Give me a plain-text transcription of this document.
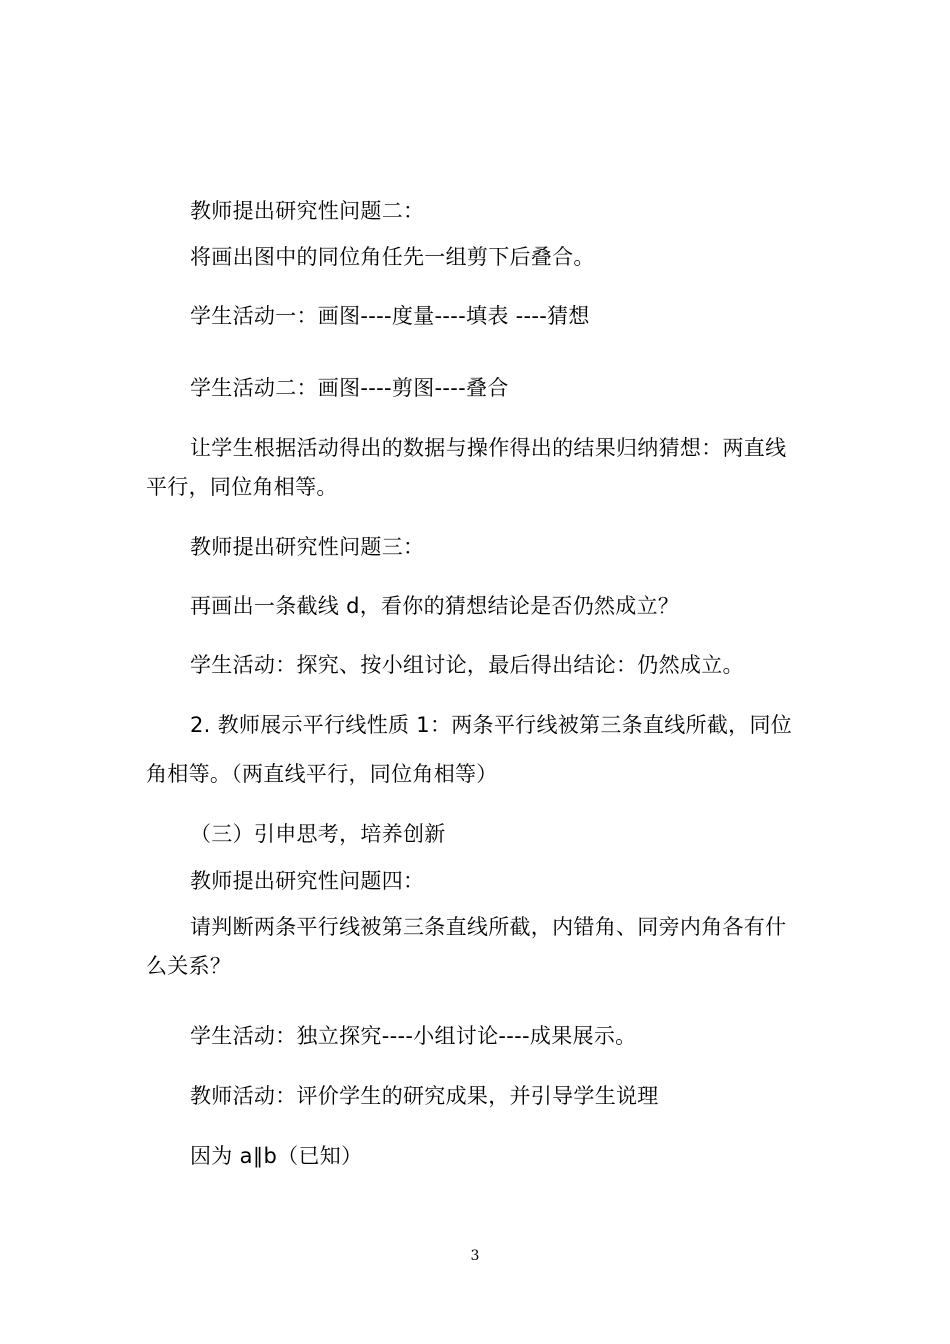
教师提出研究性问题二：
将画出图中的同位角任先一组剪下后叠合。
学生活动一：画图----度量----填表 ----猜想
学生活动二：画图----剪图----叠合
让学生根据活动得出的数据与操作得出的结果归纳猜想：两直线
平行，同位角相等。
教师提出研究性问题三：
再画出一条截线 d，看你的猜想结论是否仍然成立？
学生活动：探究、按小组讨论，最后得出结论：仍然成立。
2. 教师展示平行线性质 1：两条平行线被第三条直线所截，同位
角相等。（两直线平行，同位角相等）
（三）引申思考，培养创新
教师提出研究性问题四：
请判断两条平行线被第三条直线所截，内错角、同旁内角各有什
么关系？
学生活动：独立探究----小组讨论----成果展示。
教师活动：评价学生的研究成果，并引导学生说理
因为 a∥b（已知）
3
